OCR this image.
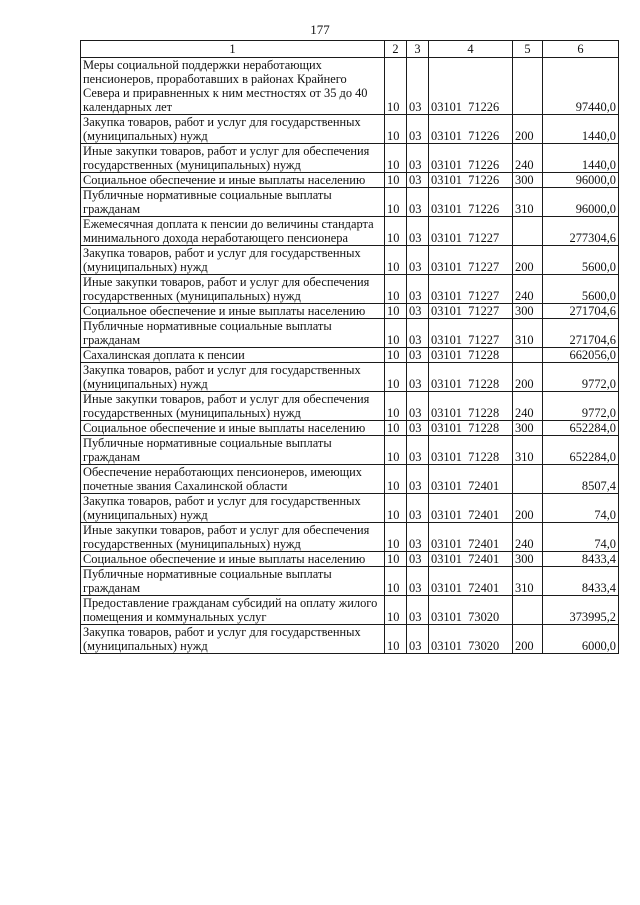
177
1	2	3	4	5	6
Меры социальной поддержки неработающих пенсионеров, проработавших в районах Крайнего Севера и приравненных к ним местностях от 35 до 40 календарных лет	10	03	03101  71226		97440,0
Закупка товаров, работ и услуг для государственных (муниципальных) нужд	10	03	03101  71226	200	1440,0
Иные закупки товаров, работ и услуг для обеспечения государственных (муниципальных) нужд	10	03	03101  71226	240	1440,0
Социальное обеспечение и иные выплаты населению	10	03	03101  71226	300	96000,0
Публичные нормативные социальные выплаты гражданам	10	03	03101  71226	310	96000,0
Ежемесячная доплата к пенсии до величины стандарта минимального дохода неработающего пенсионера	10	03	03101  71227		277304,6
Закупка товаров, работ и услуг для государственных (муниципальных) нужд	10	03	03101  71227	200	5600,0
Иные закупки товаров, работ и услуг для обеспечения государственных (муниципальных) нужд	10	03	03101  71227	240	5600,0
Социальное обеспечение и иные выплаты населению	10	03	03101  71227	300	271704,6
Публичные нормативные социальные выплаты гражданам	10	03	03101  71227	310	271704,6
Сахалинская доплата к пенсии	10	03	03101  71228		662056,0
Закупка товаров, работ и услуг для государственных (муниципальных) нужд	10	03	03101  71228	200	9772,0
Иные закупки товаров, работ и услуг для обеспечения государственных (муниципальных) нужд	10	03	03101  71228	240	9772,0
Социальное обеспечение и иные выплаты населению	10	03	03101  71228	300	652284,0
Публичные нормативные социальные выплаты гражданам	10	03	03101  71228	310	652284,0
Обеспечение неработающих пенсионеров, имеющих почетные звания Сахалинской области	10	03	03101  72401		8507,4
Закупка товаров, работ и услуг для государственных (муниципальных) нужд	10	03	03101  72401	200	74,0
Иные закупки товаров, работ и услуг для обеспечения государственных (муниципальных) нужд	10	03	03101  72401	240	74,0
Социальное обеспечение и иные выплаты населению	10	03	03101  72401	300	8433,4
Публичные нормативные социальные выплаты гражданам	10	03	03101  72401	310	8433,4
Предоставление гражданам субсидий на оплату жилого помещения и коммунальных услуг	10	03	03101  73020		373995,2
Закупка товаров, работ и услуг для государственных (муниципальных) нужд	10	03	03101  73020	200	6000,0
